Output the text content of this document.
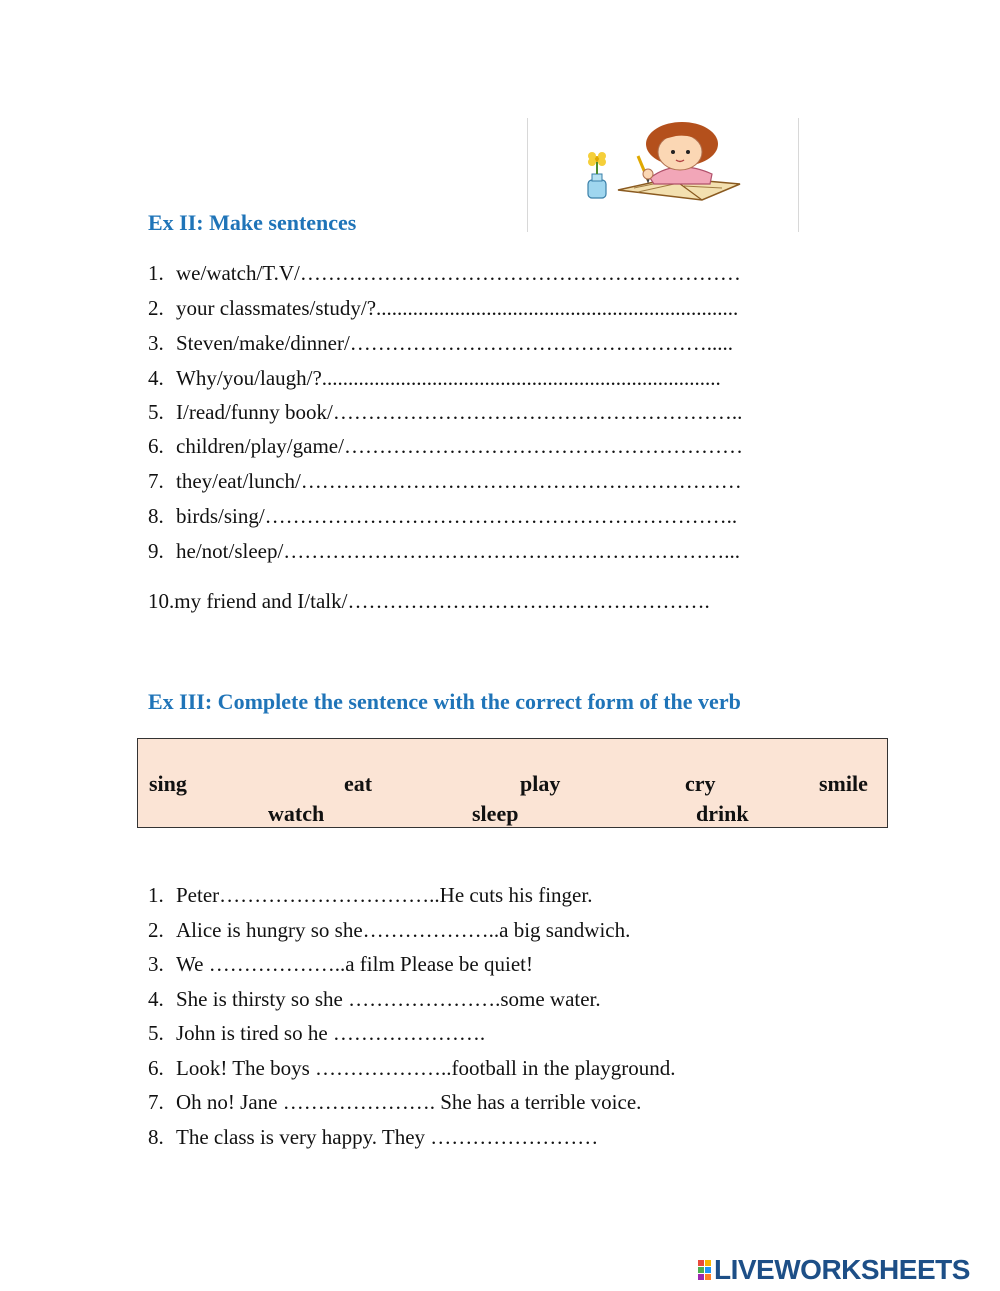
Ex II: Make sentences
1. we/watch/T.V/………………………………………………………
2. your classmates/study/?.....................................................................
3. Steven/make/dinner/…………………………………………….....​
4. Why/you/laugh/?............................................................................
5. I/read/funny book/…………………………………………………..
6. children/play/game/…………………………………………………
7. they/eat/lunch/………………………………………………………
8. birds/sing/…………………………………………………………..
9. he/not/sleep/………………………………………………………...
10.my friend and I/talk/…………………………………………….
Ex III: Complete the sentence with the correct form of the verb
sing	eat	play	cry	smile
watch	sleep	drink
1. Peter…………………………..He cuts his finger.
2. Alice is hungry so she………………..a big sandwich.
3. We ………………..a film Please be quiet!
4. She is thirsty so she ………………….some water.
5. John is tired so he ………………….
6. Look! The boys ………………..football in the playground.
7. Oh no! Jane …………………. She has a terrible voice.
8. The class is very happy. They ……………………
LIVEWORKSHEETS
